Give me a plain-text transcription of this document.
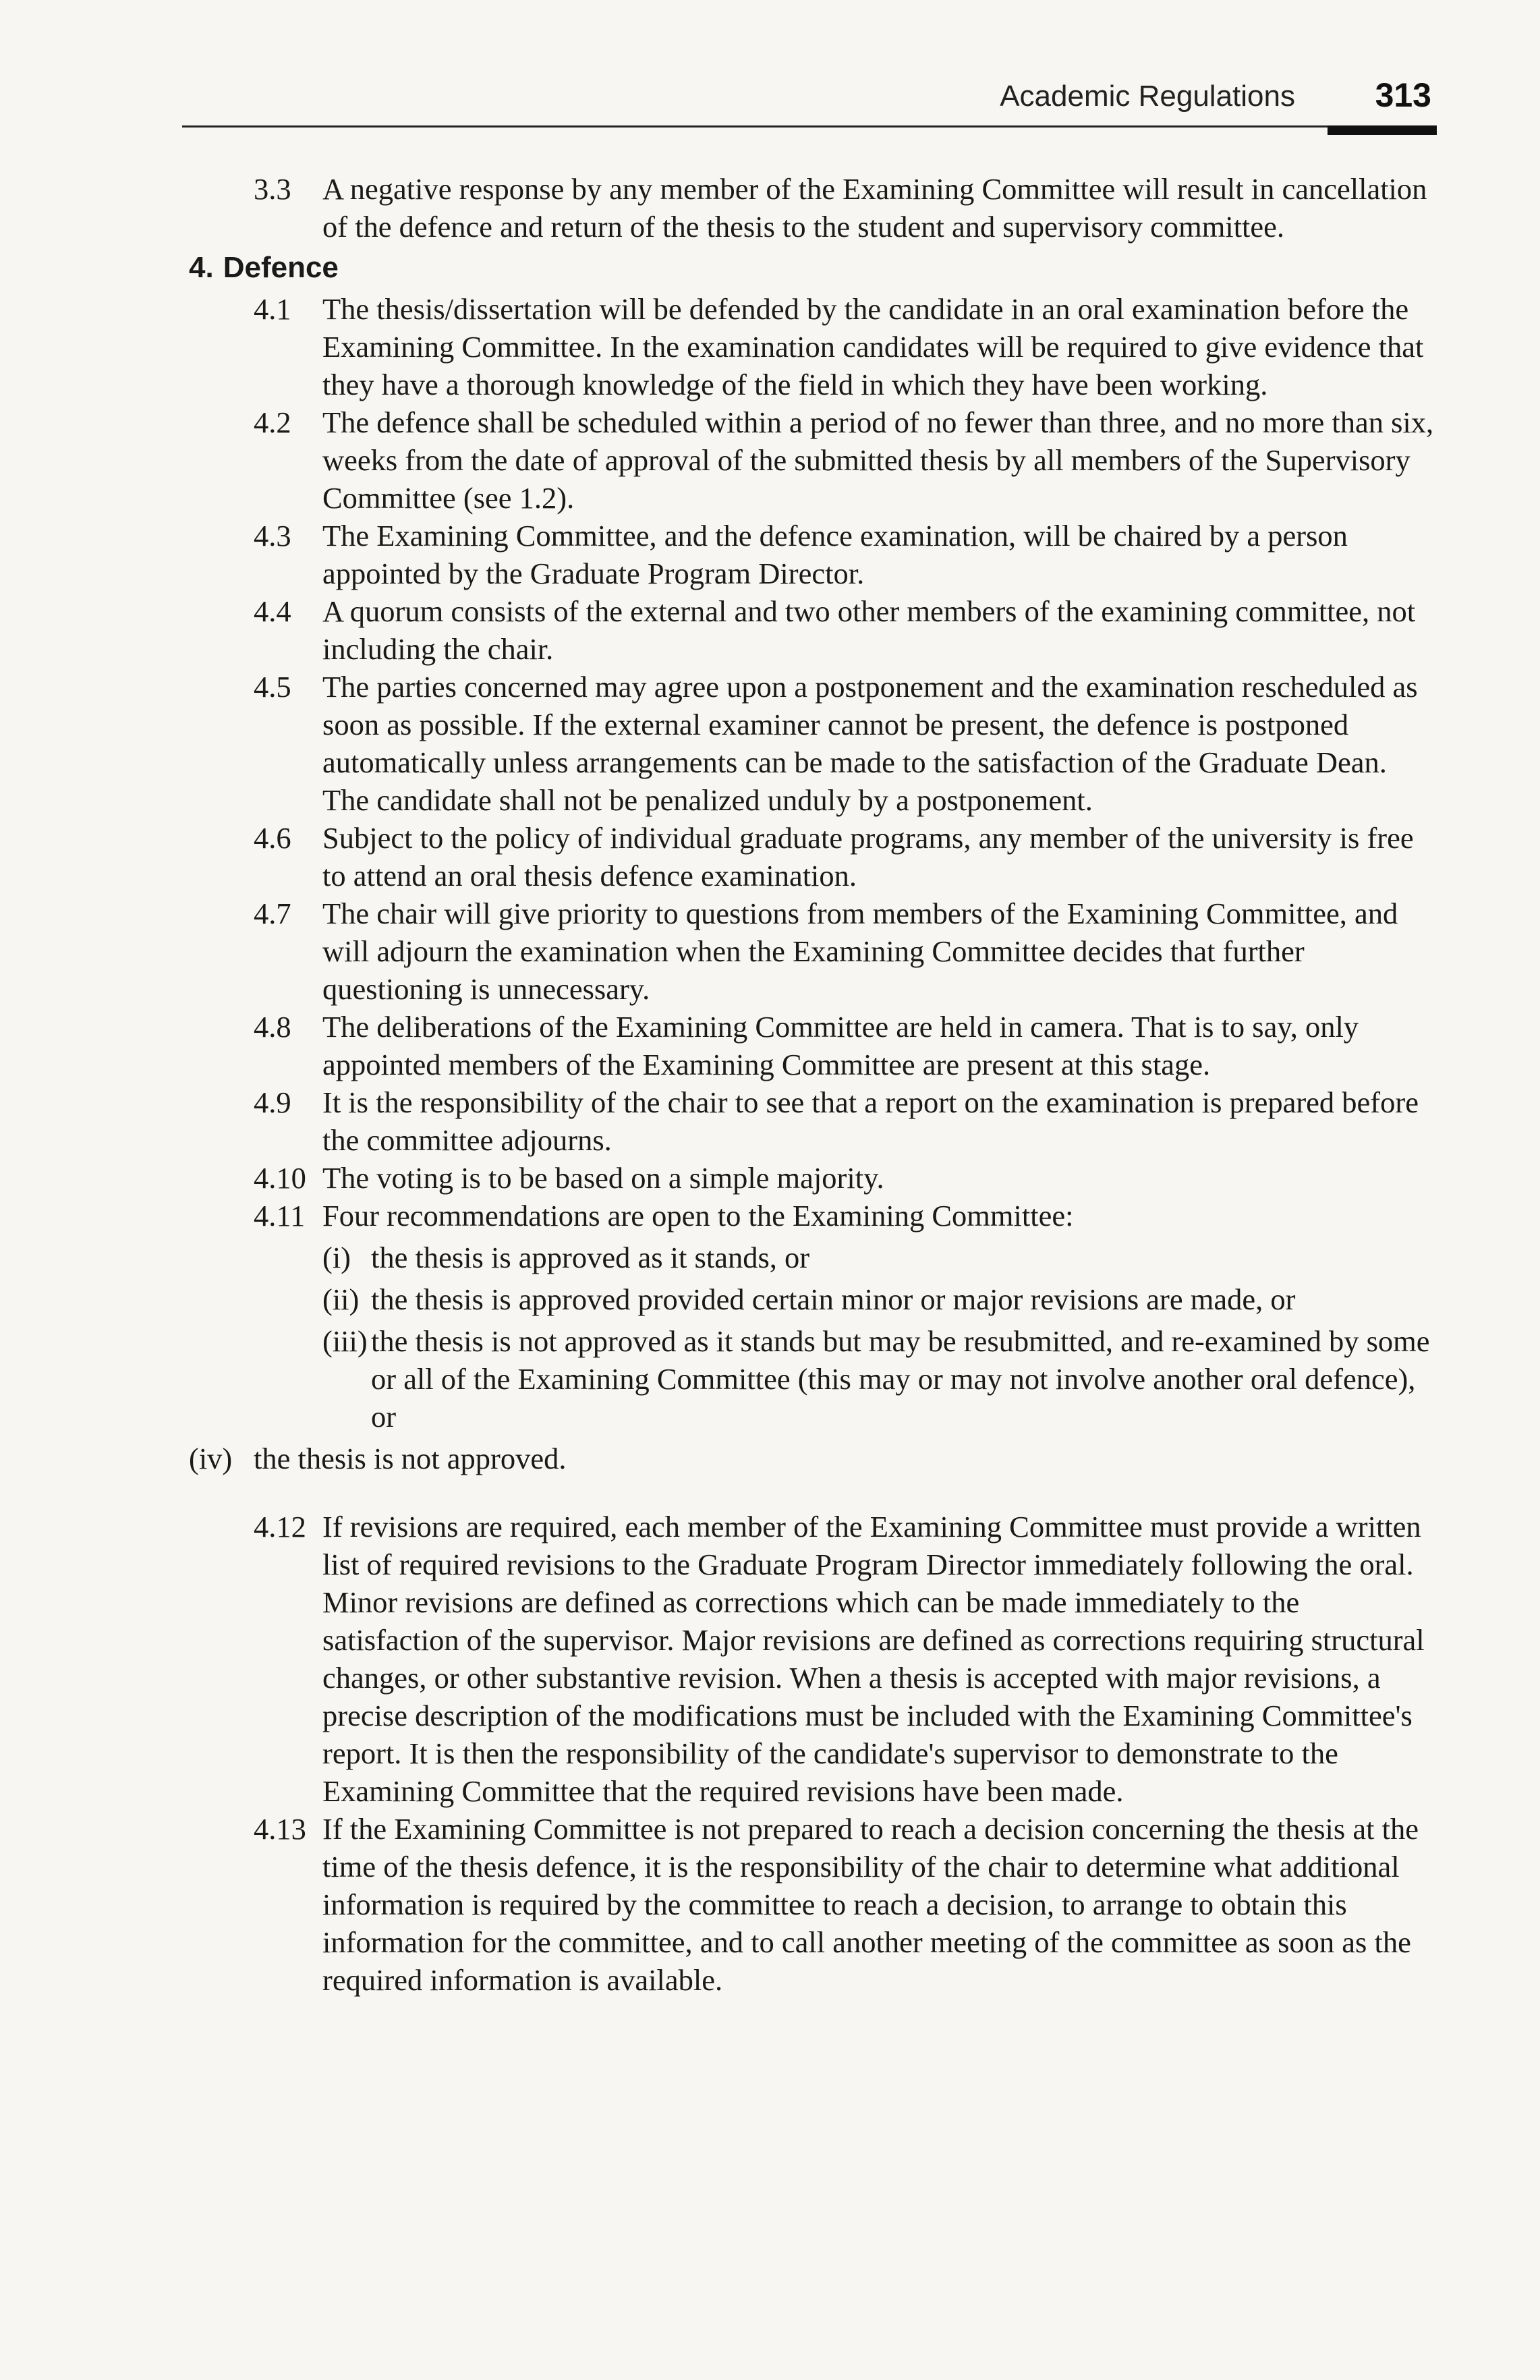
Academic Regulations 313

3.3 A negative response by any member of the Examining Committee will result in cancellation of the defence and return of the thesis to the student and supervisory committee.

4. Defence

4.1 The thesis/dissertation will be defended by the candidate in an oral examination before the Examining Committee. In the examination candidates will be required to give evidence that they have a thorough knowledge of the field in which they have been working.

4.2 The defence shall be scheduled within a period of no fewer than three, and no more than six, weeks from the date of approval of the submitted thesis by all members of the Supervisory Committee (see 1.2).

4.3 The Examining Committee, and the defence examination, will be chaired by a person appointed by the Graduate Program Director.

4.4 A quorum consists of the external and two other members of the examining committee, not including the chair.

4.5 The parties concerned may agree upon a postponement and the examination rescheduled as soon as possible. If the external examiner cannot be present, the defence is postponed automatically unless arrangements can be made to the satisfaction of the Graduate Dean. The candidate shall not be penalized unduly by a postponement.

4.6 Subject to the policy of individual graduate programs, any member of the university is free to attend an oral thesis defence examination.

4.7 The chair will give priority to questions from members of the Examining Committee, and will adjourn the examination when the Examining Committee decides that further questioning is unnecessary.

4.8 The deliberations of the Examining Committee are held in camera. That is to say, only appointed members of the Examining Committee are present at this stage.

4.9 It is the responsibility of the chair to see that a report on the examination is prepared before the committee adjourns.

4.10 The voting is to be based on a simple majority.

4.11 Four recommendations are open to the Examining Committee:

(i) the thesis is approved as it stands, or

(ii) the thesis is approved provided certain minor or major revisions are made, or

(iii) the thesis is not approved as it stands but may be resubmitted, and re-examined by some or all of the Examining Committee (this may or may not involve another oral defence), or

(iv) the thesis is not approved.

4.12 If revisions are required, each member of the Examining Committee must provide a written list of required revisions to the Graduate Program Director immediately following the oral. Minor revisions are defined as corrections which can be made immediately to the satisfaction of the supervisor. Major revisions are defined as corrections requiring structural changes, or other substantive revision. When a thesis is accepted with major revisions, a precise description of the modifications must be included with the Examining Committee's report. It is then the responsibility of the candidate's supervisor to demonstrate to the Examining Committee that the required revisions have been made.

4.13 If the Examining Committee is not prepared to reach a decision concerning the thesis at the time of the thesis defence, it is the responsibility of the chair to determine what additional information is required by the committee to reach a decision, to arrange to obtain this information for the committee, and to call another meeting of the committee as soon as the required information is available.
